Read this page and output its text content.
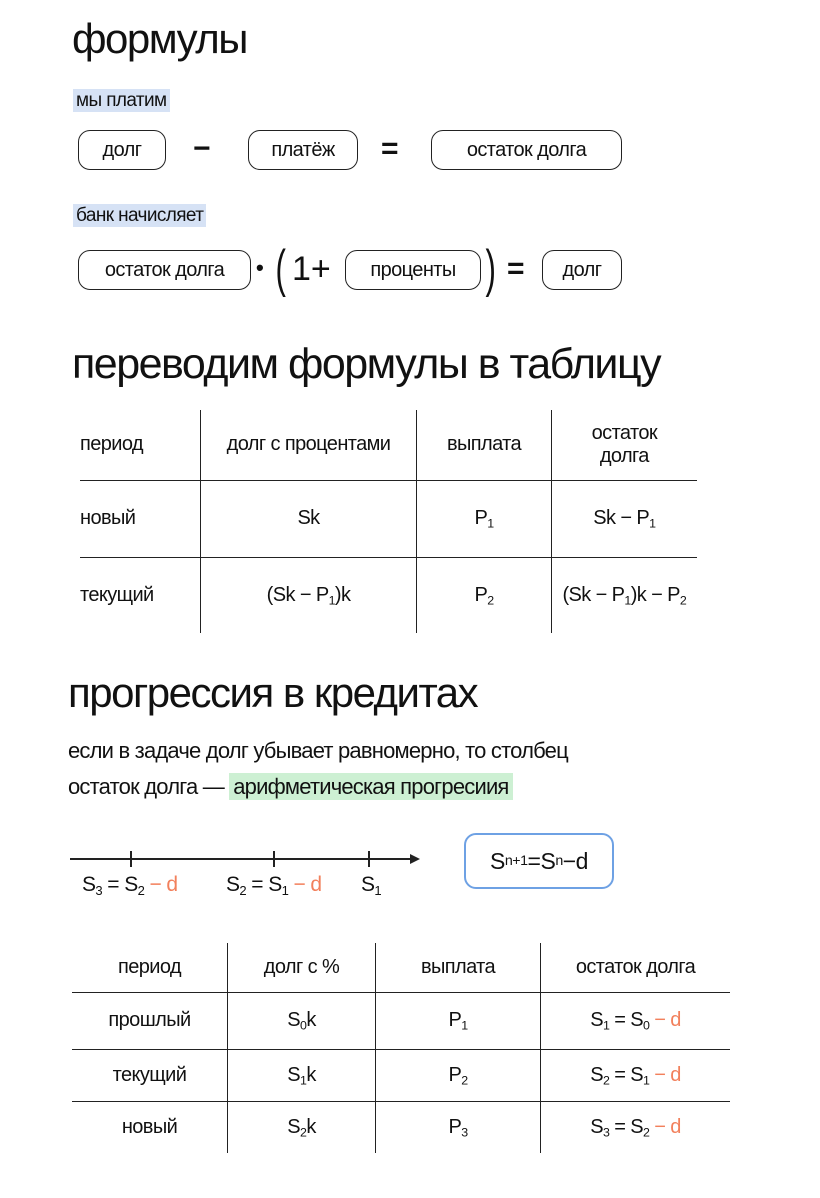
формулы
мы платим
долг	−	платёж	=	остаток долга
банк начисляет
остаток долга	• ( 1+	проценты ) =	долг
переводим формулы в таблицу
период	долг с процентами	выплата	остаток долга
новый	Sk	$P_1$	$Sk - P_1$
текущий	$(Sk - P_1)k$	$P_2$	$(Sk - P_1)k - P_2$
прогрессия в кредитах
если в задаче долг убывает равномерно, то столбец
остаток долга — арифметическая прогресиия
$S_3 = S_2 - d$ $S_2 = S_1 - d$ $S_1$
S n+1 = S n −d
период	долг с %	выплата	остаток долга
прошлый	$S_0k$	$P_1$	$S_1 = S_0 - d$
текущий	$S_1k$	$P_2$	$S_2 = S_1 - d$
новый	$S_2k$	$P_3$	$S_3 = S_2 - d$
